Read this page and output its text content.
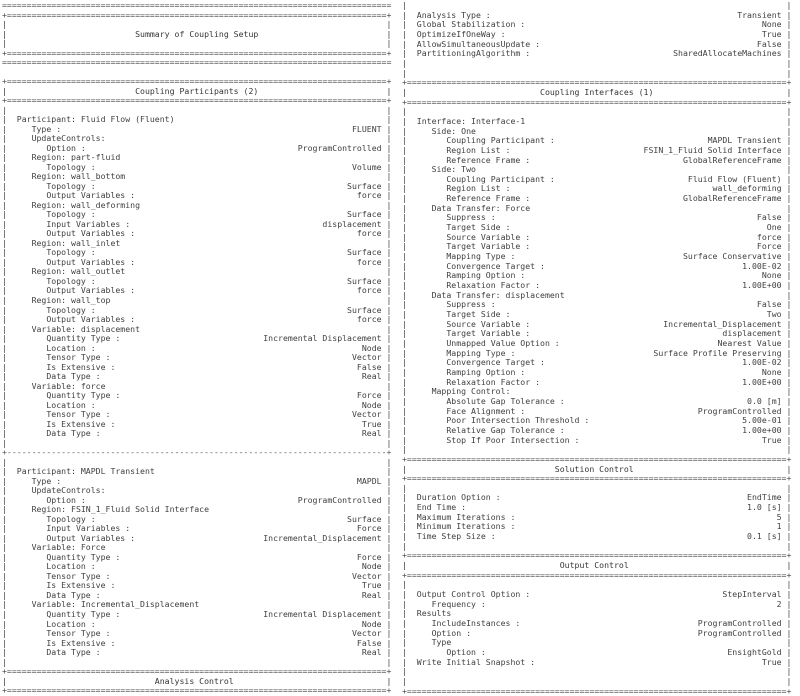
===============================================================================
+=============================================================================+
|                                                                             |
|                          Summary of Coupling Setup                          |
|                                                                             |
+=============================================================================+
===============================================================================

+=============================================================================+
|                          Coupling Participants (2)                          |
+=============================================================================+
|                                                                             |
|  Participant: Fluid Flow (Fluent)                                           |
|     Type :                                                           FLUENT |
|     UpdateControls:                                                         |
|        Option :                                           ProgramControlled |
|     Region: part-fluid                                                      |
|        Topology :                                                    Volume |
|     Region: wall_bottom                                                     |
|        Topology :                                                   Surface |
|        Output Variables :                                             force |
|     Region: wall_deforming                                                  |
|        Topology :                                                   Surface |
|        Input Variables :                                       displacement |
|        Output Variables :                                             force |
|     Region: wall_inlet                                                      |
|        Topology :                                                   Surface |
|        Output Variables :                                             force |
|     Region: wall_outlet                                                     |
|        Topology :                                                   Surface |
|        Output Variables :                                             force |
|     Region: wall_top                                                        |
|        Topology :                                                   Surface |
|        Output Variables :                                             force |
|     Variable: displacement                                                  |
|        Quantity Type :                             Incremental Displacement |
|        Location :                                                      Node |
|        Tensor Type :                                                 Vector |
|        Is Extensive :                                                 False |
|        Data Type :                                                     Real |
|     Variable: force                                                         |
|        Quantity Type :                                                Force |
|        Location :                                                      Node |
|        Tensor Type :                                                 Vector |
|        Is Extensive :                                                  True |
|        Data Type :                                                     Real |
|                                                                             |
+-----------------------------------------------------------------------------+
|                                                                             |
|  Participant: MAPDL Transient                                               |
|     Type :                                                            MAPDL |
|     UpdateControls:                                                         |
|        Option :                                           ProgramControlled |
|     Region: FSIN_1_Fluid Solid Interface                                    |
|        Topology :                                                   Surface |
|        Input Variables :                                              Force |
|        Output Variables :                          Incremental_Displacement |
|     Variable: Force                                                         |
|        Quantity Type :                                                Force |
|        Location :                                                      Node |
|        Tensor Type :                                                 Vector |
|        Is Extensive :                                                  True |
|        Data Type :                                                     Real |
|     Variable: Incremental_Displacement                                      |
|        Quantity Type :                             Incremental Displacement |
|        Location :                                                      Node |
|        Tensor Type :                                                 Vector |
|        Is Extensive :                                                 False |
|        Data Type :                                                     Real |
|                                                                             |
+=============================================================================+
|                              Analysis Control                               |
+=============================================================================+
|                                                                             |
|  Analysis Type :                                                  Transient |
|  Global Stabilization :                                                None |
|  OptimizeIfOneWay :                                                    True |
|  AllowSimultaneousUpdate :                                            False |
|  PartitioningAlgorithm :                             SharedAllocateMachines |
|                                                                             |
|                                                                             |
+=============================================================================+
|                           Coupling Interfaces (1)                           |
+=============================================================================+
|                                                                             |
|  Interface: Interface-1                                                     |
|     Side: One                                                               |
|        Coupling Participant :                               MAPDL Transient |
|        Region List :                           FSIN_1_Fluid Solid Interface |
|        Reference Frame :                               GlobalReferenceFrame |
|     Side: Two                                                               |
|        Coupling Participant :                           Fluid Flow (Fluent) |
|        Region List :                                         wall_deforming |
|        Reference Frame :                               GlobalReferenceFrame |
|     Data Transfer: Force                                                    |
|        Suppress :                                                     False |
|        Target Side :                                                    One |
|        Source Variable :                                              force |
|        Target Variable :                                              Force |
|        Mapping Type :                                  Surface Conservative |
|        Convergence Target :                                        1.00E-02 |
|        Ramping Option :                                                None |
|        Relaxation Factor :                                         1.00E+00 |
|     Data Transfer: displacement                                             |
|        Suppress :                                                     False |
|        Target Side :                                                    Two |
|        Source Variable :                           Incremental_Displacement |
|        Target Variable :                                       displacement |
|        Unmapped Value Option :                                Nearest Value |
|        Mapping Type :                            Surface Profile Preserving |
|        Convergence Target :                                        1.00E-02 |
|        Ramping Option :                                                None |
|        Relaxation Factor :                                         1.00E+00 |
|     Mapping Control:                                                        |
|        Absolute Gap Tolerance :                                     0.0 [m] |
|        Face Alignment :                                   ProgramControlled |
|        Poor Intersection Threshold :                               5.00e-01 |
|        Relative Gap Tolerance :                                    1.00e+00 |
|        Stop If Poor Intersection :                                     True |
|                                                                             |
+=============================================================================+
|                              Solution Control                               |
+=============================================================================+
|                                                                             |
|  Duration Option :                                                  EndTime |
|  End Time :                                                         1.0 [s] |
|  Maximum Iterations :                                                     5 |
|  Minimum Iterations :                                                     1 |
|  Time Step Size :                                                   0.1 [s] |
|                                                                             |
+=============================================================================+
|                               Output Control                                |
+=============================================================================+
|                                                                             |
|  Output Control Option :                                       StepInterval |
|     Frequency :                                                           2 |
|  Results                                                                    |
|     IncludeInstances :                                    ProgramControlled |
|     Option :                                              ProgramControlled |
|     Type                                                                    |
|        Option :                                                 EnsightGold |
|  Write Initial Snapshot :                                              True |
|                                                                             |
|                                                                             |
+=============================================================================+
